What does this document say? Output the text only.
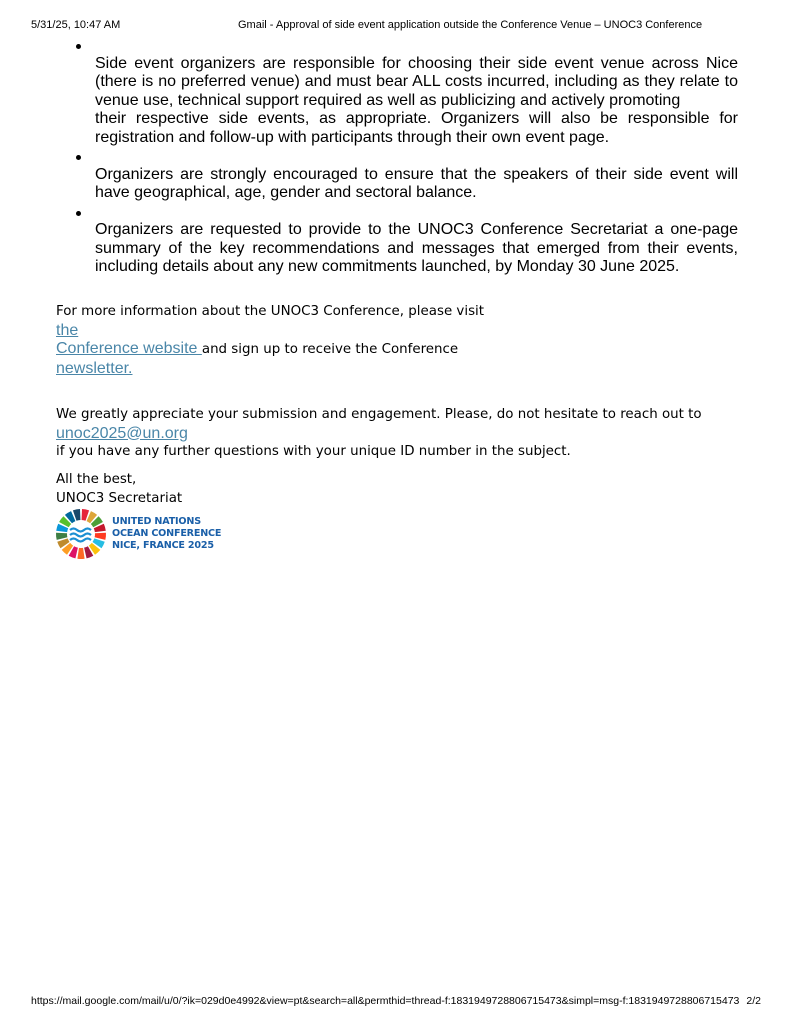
5/31/25, 10:47 AM	Gmail - Approval of side event application outside the Conference Venue – UNOC3 Conference
Side event organizers are responsible for choosing their side event venue across Nice (there is no preferred venue) and must bear ALL costs incurred, including as they relate to venue use, technical support required as well as publicizing and actively promoting
their respective side events, as appropriate. Organizers will also be responsible for registration and follow-up with participants through their own event page.
Organizers are strongly encouraged to ensure that the speakers of their side event will have geographical, age, gender and sectoral balance.
Organizers are requested to provide to the UNOC3 Conference Secretariat a one-page summary of the key recommendations and messages that emerged from their events, including details about any new commitments launched, by Monday 30 June 2025.
For more information about the UNOC3 Conference, please visit
the
Conference website and sign up to receive the Conference
newsletter.
We greatly appreciate your submission and engagement. Please, do not hesitate to reach out to
unoc2025@un.org
if you have any further questions with your unique ID number in the subject.
All the best,
UNOC3 Secretariat
UNITED NATIONS
OCEAN CONFERENCE
NICE, FRANCE 2025
https://mail.google.com/mail/u/0/?ik=029d0e4992&view=pt&search=all&permthid=thread-f:1831949728806715473&simpl=msg-f:1831949728806715473 2/2
